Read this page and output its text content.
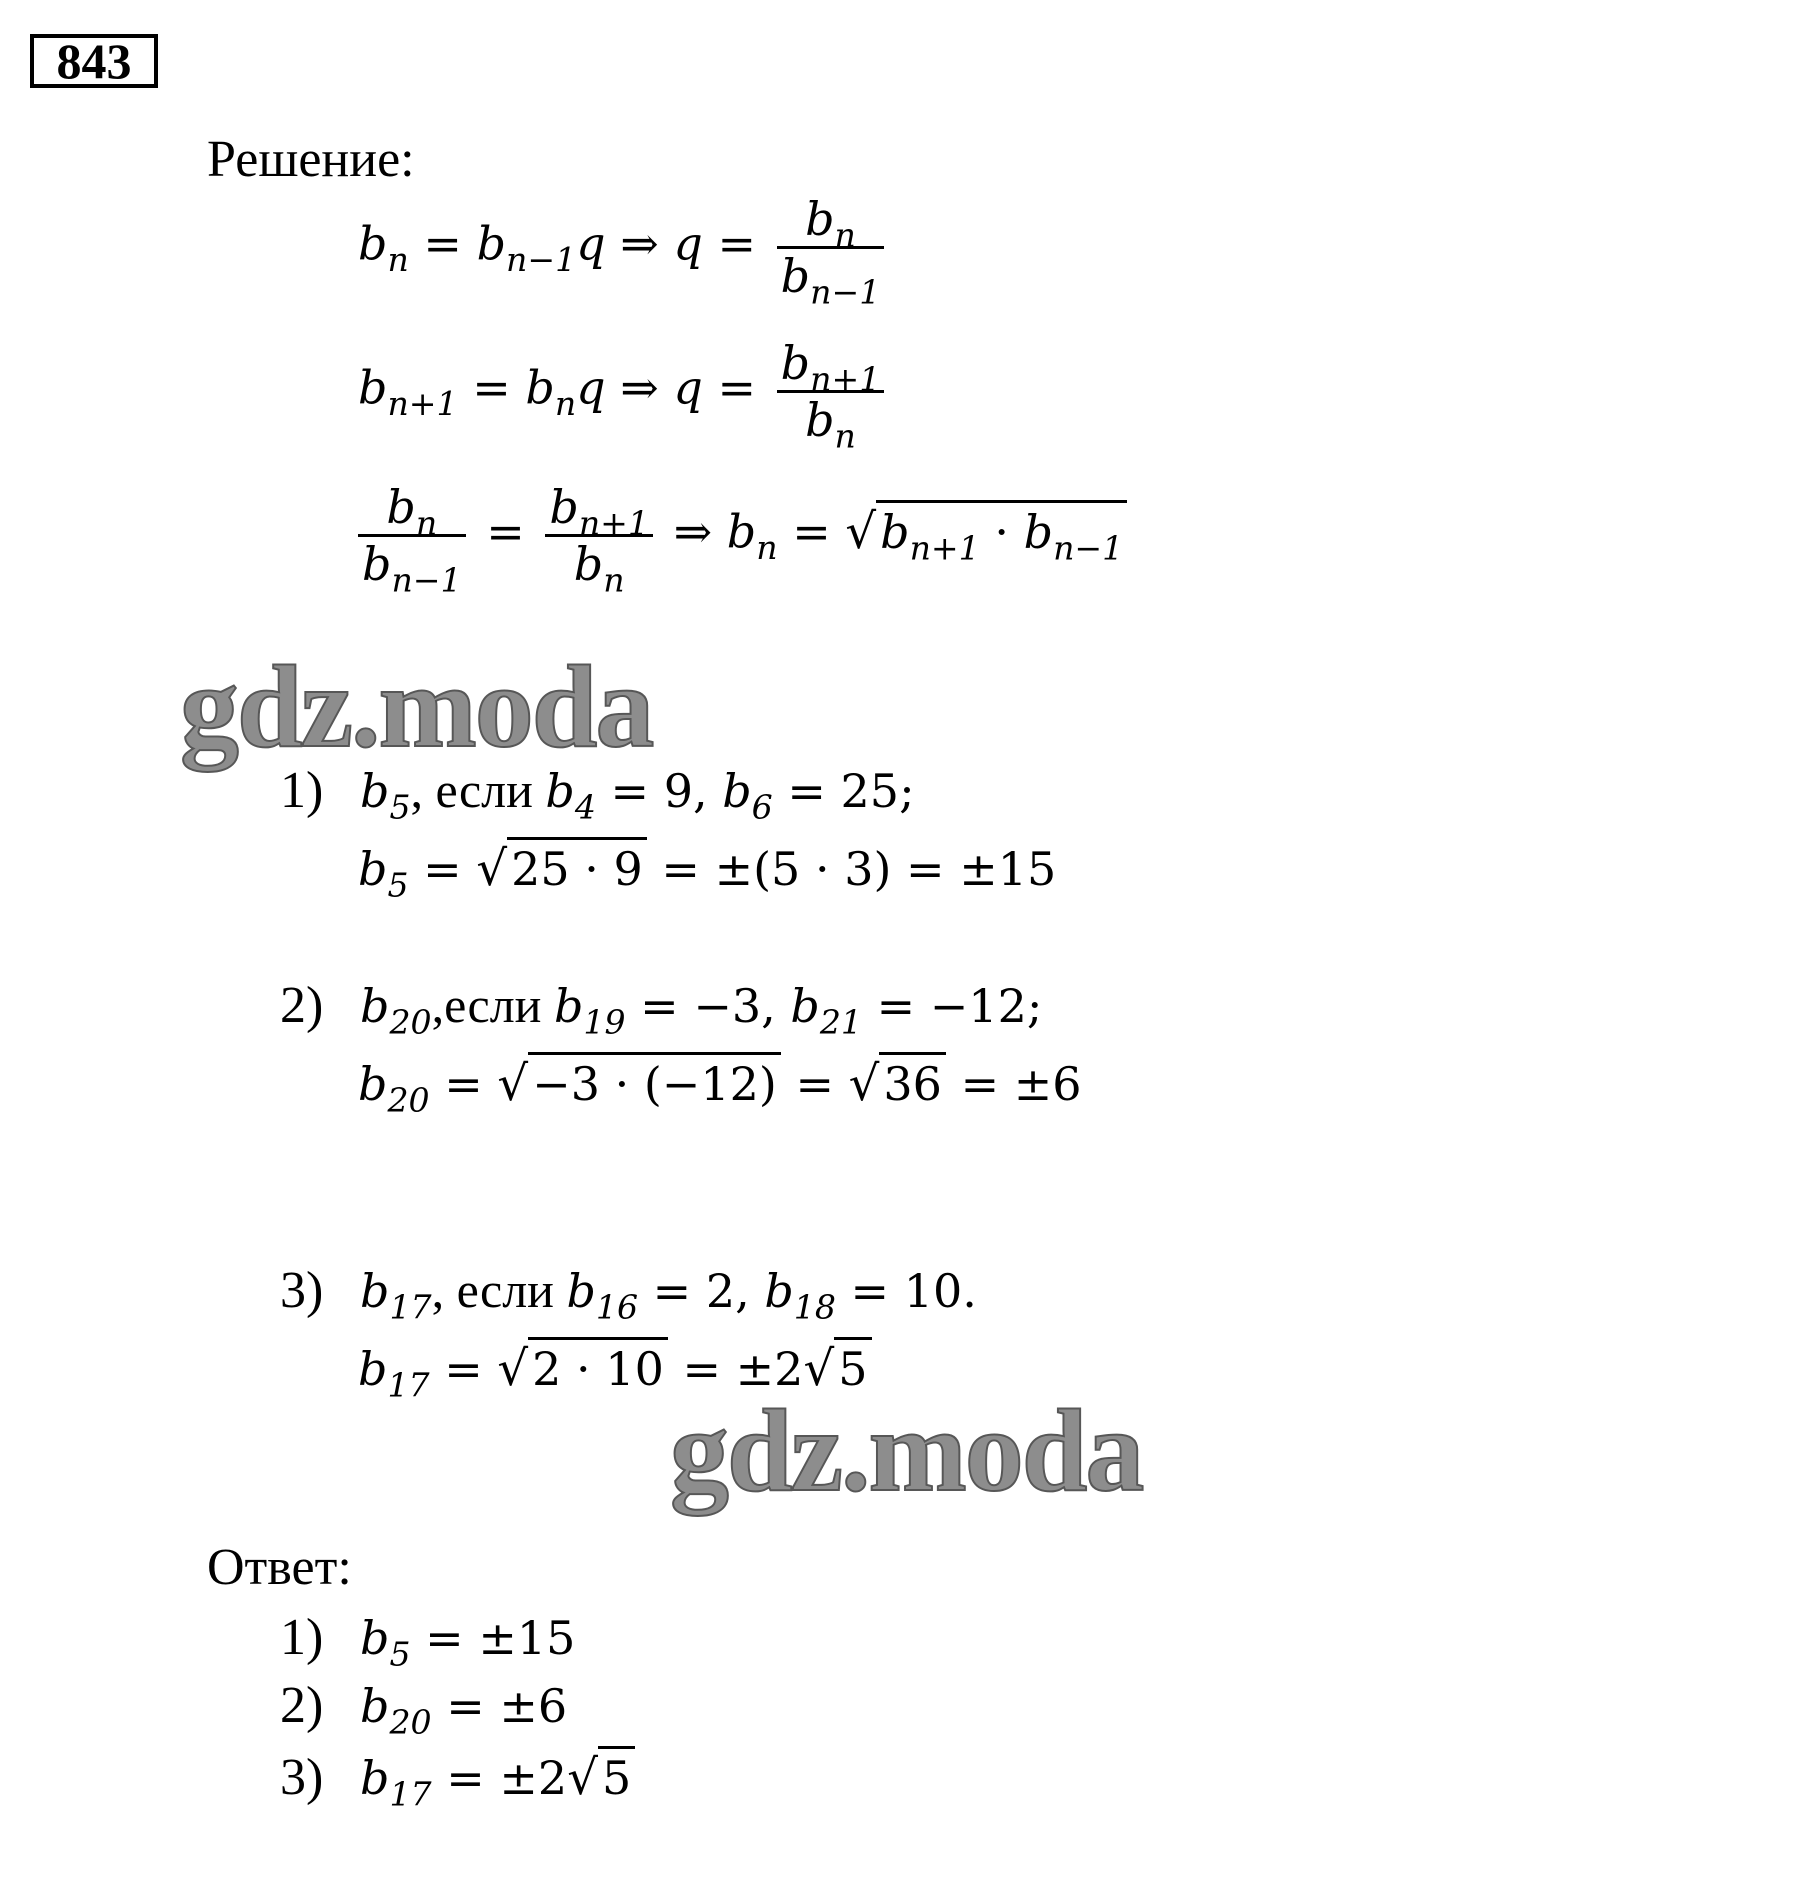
843
Решение:
$b_n = b_{n-1}q$ ⇒ $q = \frac{b_n}{b_{n-1}}$
$b_{n+1} = b_nq$ ⇒ $q = \frac{b_{n+1}}{b_n}$
$\frac{b_n}{b_{n-1}} = \frac{b_{n+1}}{b_n}$ ⇒ $b_n = √b_{n+1} \cdot b_{n-1}$
gdz.moda
1) $b_5$, если $b_4 = 9$, $b_6 = 25$;
$b_5 = √25 \cdot 9 = \pm(5 \cdot 3) = \pm 15$
2) $b_{20},если$ $b_{19} = -3$, $b_{21} = -12$;
$b_{20} = √-3 \cdot (-12) = √36 = \pm 6$
3) $b_{17}$, если $b_{16} = 2$, $b_{18} = 10$.
$b_{17} = √2 \cdot 10 = \pm 2√5$
gdz.moda
Ответ:
1) $b_5 = \pm 15$
2) $b_{20} = \pm 6$
3) $b_{17} = \pm 2√5$
